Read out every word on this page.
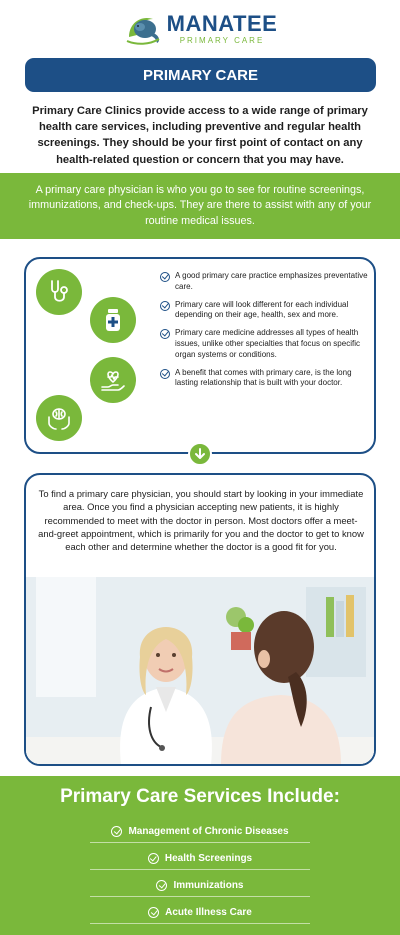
MANATEE
PRIMARY CARE
PRIMARY CARE

Primary Care Clinics provide access to a wide range of primary health care services, including preventive and regular health screenings. They should be your first point of contact on any health-related question or concern that you may have.

A primary care physician is who you go to see for routine screenings, immunizations, and check-ups. They are there to assist with any of your routine medical issues.
A good primary care practice emphasizes preventative care.
Primary care will look different for each individual depending on their age, health, sex and more.
Primary care medicine addresses all types of health issues, unlike other specialties that focus on specific organ systems or conditions.
A benefit that comes with primary care, is the long lasting relationship that is built with your doctor.

To find a primary care physician, you should start by looking in your immediate area. Once you find a physician accepting new patients, it is highly recommended to meet with the doctor in person. Most doctors offer a meet-and-greet appointment, which is primarily for you and the doctor to get to know each other and determine whether the doctor is a good fit for you.

Primary Care Services Include:
Management of Chronic Diseases
Health Screenings
Immunizations
Acute Illness Care
